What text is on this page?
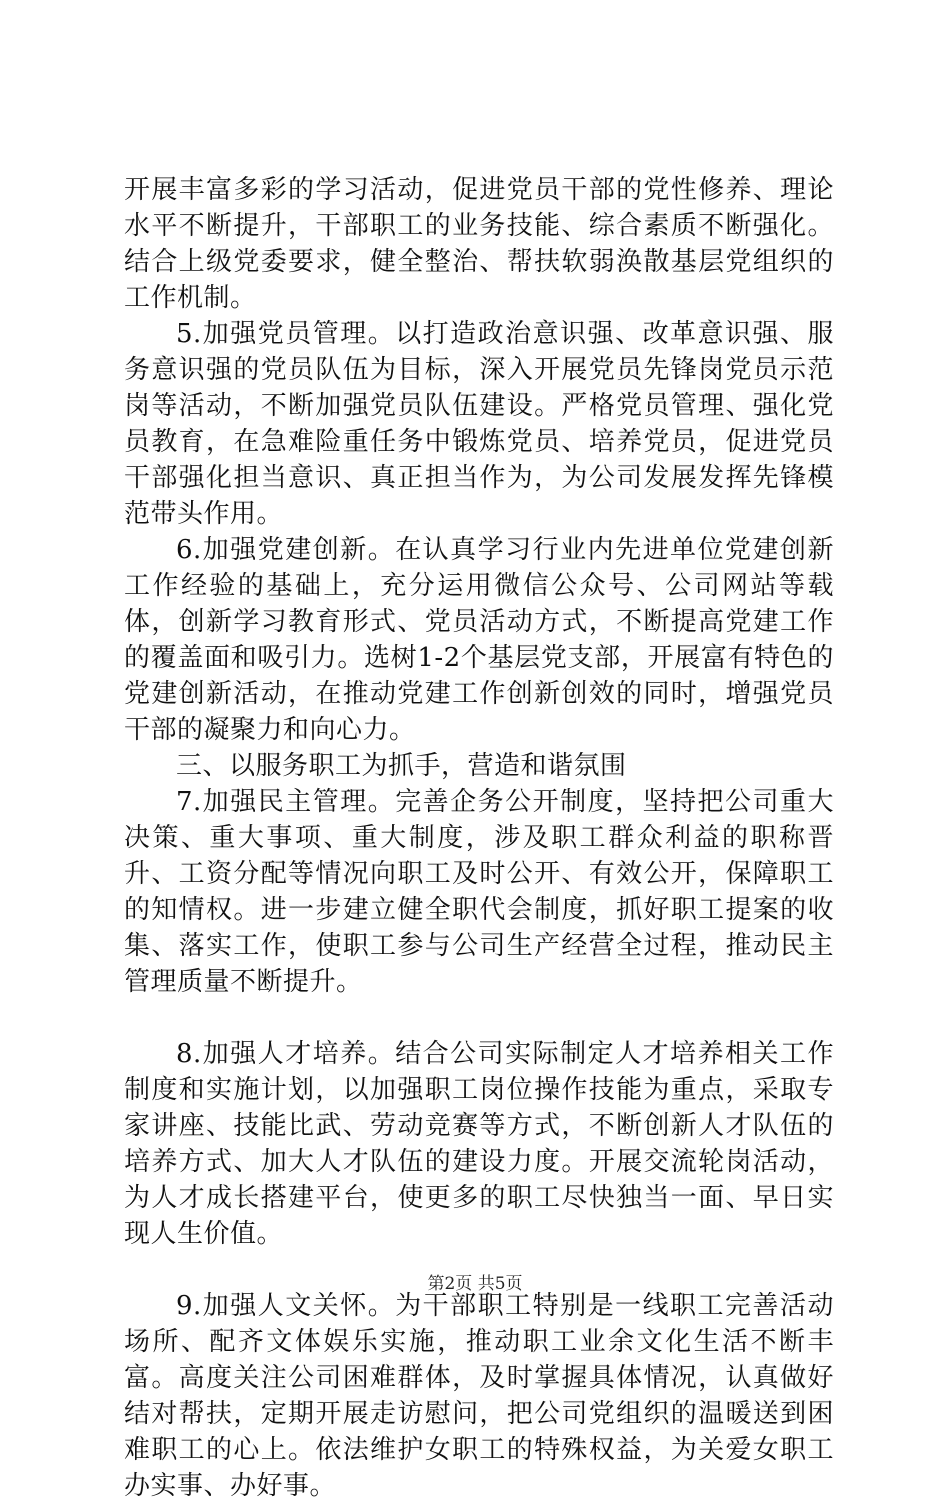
开展丰富多彩的学习活动，促进党员干部的党性修养、理论水平不断提升，干部职工的业务技能、综合素质不断强化。结合上级党委要求，健全整治、帮扶软弱涣散基层党组织的工作机制。

5.加强党员管理。以打造政治意识强、改革意识强、服务意识强的党员队伍为目标，深入开展党员先锋岗党员示范岗等活动，不断加强党员队伍建设。严格党员管理、强化党员教育，在急难险重任务中锻炼党员、培养党员，促进党员干部强化担当意识、真正担当作为，为公司发展发挥先锋模范带头作用。

6.加强党建创新。在认真学习行业内先进单位党建创新工作经验的基础上，充分运用微信公众号、公司网站等载体，创新学习教育形式、党员活动方式，不断提高党建工作的覆盖面和吸引力。选树1-2个基层党支部，开展富有特色的党建创新活动，在推动党建工作创新创效的同时，增强党员干部的凝聚力和向心力。

三、以服务职工为抓手，营造和谐氛围

7.加强民主管理。完善企务公开制度，坚持把公司重大决策、重大事项、重大制度，涉及职工群众利益的职称晋升、工资分配等情况向职工及时公开、有效公开，保障职工的知情权。进一步建立健全职代会制度，抓好职工提案的收集、落实工作，使职工参与公司生产经营全过程，推动民主管理质量不断提升。

8.加强人才培养。结合公司实际制定人才培养相关工作制度和实施计划，以加强职工岗位操作技能为重点，采取专家讲座、技能比武、劳动竞赛等方式，不断创新人才队伍的培养方式、加大人才队伍的建设力度。开展交流轮岗活动，为人才成长搭建平台，使更多的职工尽快独当一面、早日实现人生价值。

9.加强人文关怀。为干部职工特别是一线职工完善活动场所、配齐文体娱乐实施，推动职工业余文化生活不断丰富。高度关注公司困难群体，及时掌握具体情况，认真做好结对帮扶，定期开展走访慰问，把公司党组织的温暖送到困难职工的心上。依法维护女职工的特殊权益，为关爱女职工办实事、办好事。

第2页 共5页
